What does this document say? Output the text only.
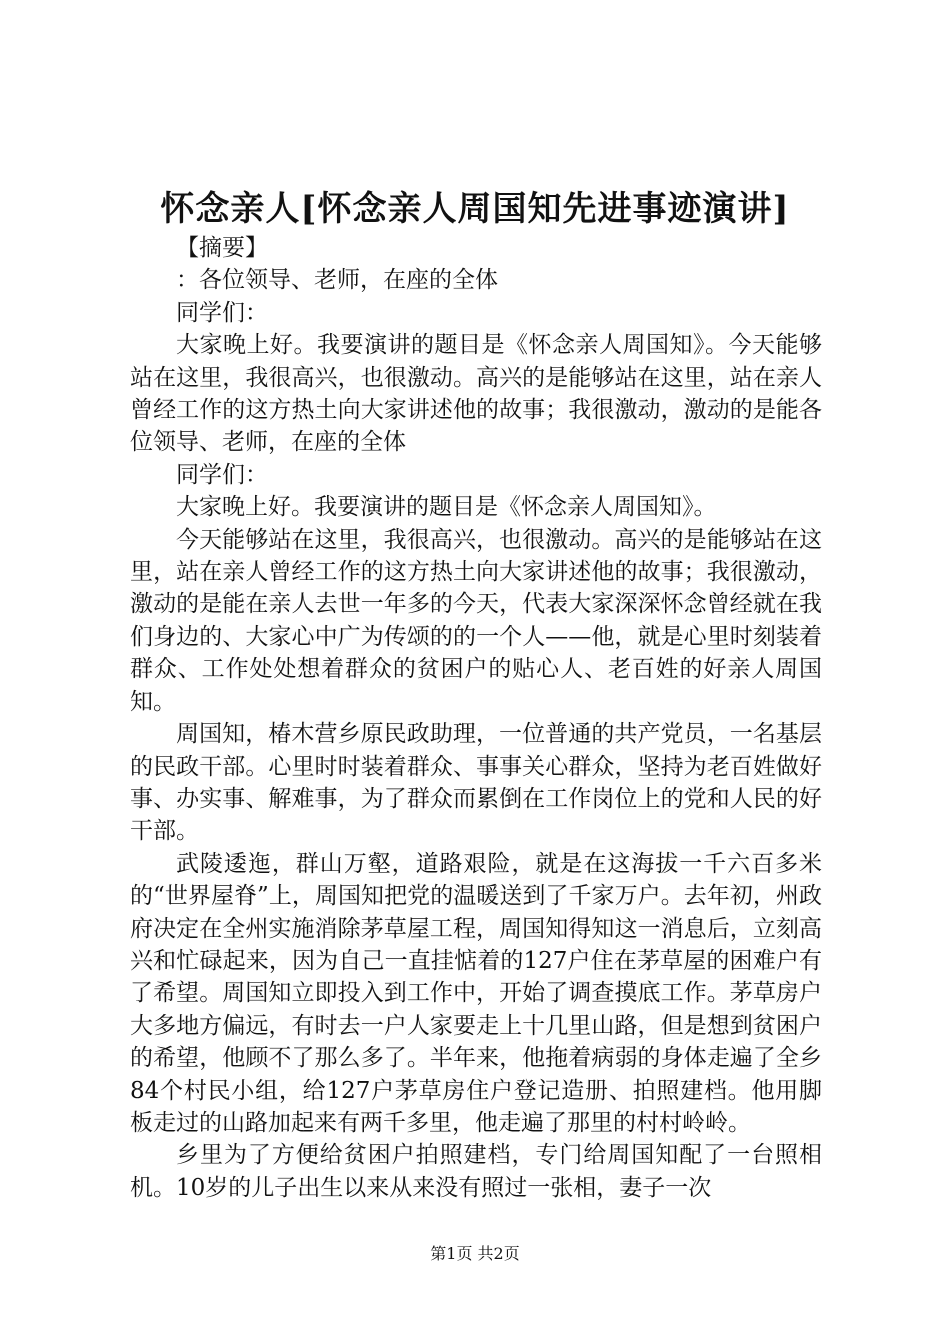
怀念亲人[怀念亲人周国知先进事迹演讲]

【摘要】

：各位领导、老师，在座的全体

同学们：

大家晚上好。我要演讲的题目是《怀念亲人周国知》。今天能够站在这里，我很高兴，也很激动。高兴的是能够站在这里，站在亲人曾经工作的这方热土向大家讲述他的故事；我很激动，激动的是能各位领导、老师，在座的全体

同学们：

大家晚上好。我要演讲的题目是《怀念亲人周国知》。

今天能够站在这里，我很高兴，也很激动。高兴的是能够站在这里，站在亲人曾经工作的这方热土向大家讲述他的故事；我很激动，激动的是能在亲人去世一年多的今天，代表大家深深怀念曾经就在我们身边的、大家心中广为传颂的的一个人——他，就是心里时刻装着群众、工作处处想着群众的贫困户的贴心人、老百姓的好亲人周国知。

周国知，椿木营乡原民政助理，一位普通的共产党员，一名基层的民政干部。心里时时装着群众、事事关心群众，坚持为老百姓做好事、办实事、解难事，为了群众而累倒在工作岗位上的党和人民的好干部。

武陵逶迤，群山万壑，道路艰险，就是在这海拔一千六百多米的“世界屋脊”上，周国知把党的温暖送到了千家万户。去年初，州政府决定在全州实施消除茅草屋工程，周国知得知这一消息后，立刻高兴和忙碌起来，因为自己一直挂惦着的127户住在茅草屋的困难户有了希望。周国知立即投入到工作中，开始了调查摸底工作。茅草房户大多地方偏远，有时去一户人家要走上十几里山路，但是想到贫困户的希望，他顾不了那么多了。半年来，他拖着病弱的身体走遍了全乡84个村民小组，给127户茅草房住户登记造册、拍照建档。他用脚板走过的山路加起来有两千多里，他走遍了那里的村村岭岭。

乡里为了方便给贫困户拍照建档，专门给周国知配了一台照相机。10岁的儿子出生以来从来没有照过一张相，妻子一次

第1页 共2页
